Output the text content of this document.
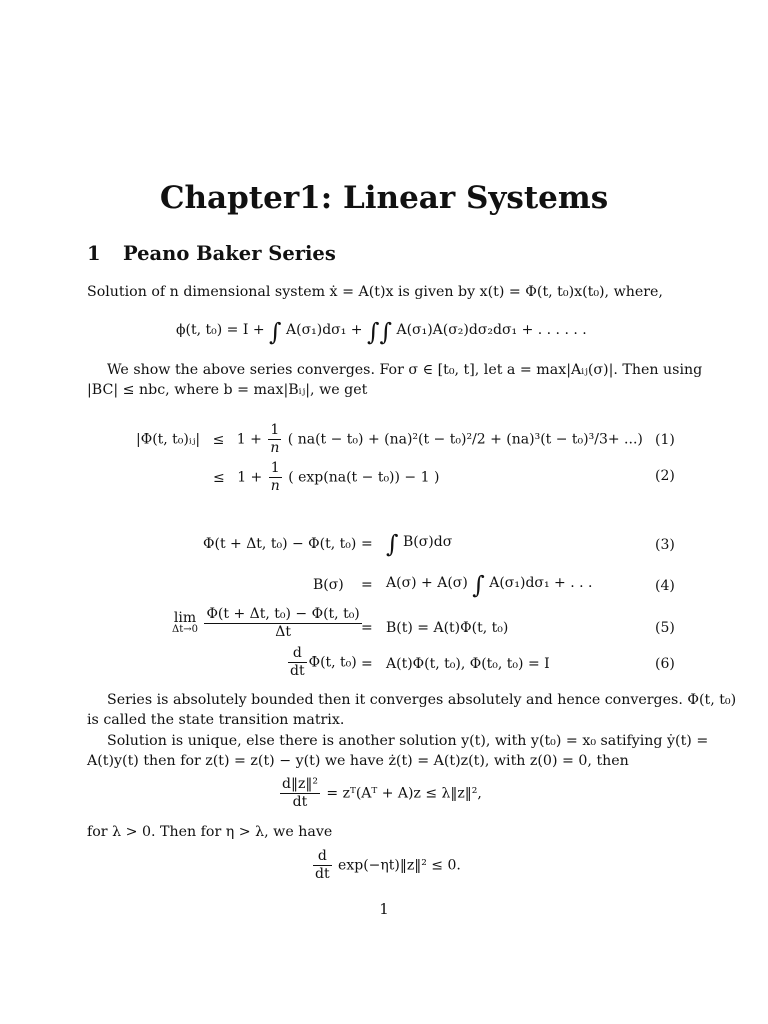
Chapter1: Linear Systems
1 Peano Baker Series
Solution of n dimensional system ẋ = A(t)x is given by x(t) = Φ(t, t₀)x(t₀), where,
ϕ(t, t₀) = I + ∫ A(σ₁)dσ₁ + ∫∫ A(σ₁)A(σ₂)dσ₂dσ₁ + . . . . . .
We show the above series converges. For σ ∈ [t₀, t], let a = max|Aᵢⱼ(σ)|. Then using
|BC| ≤ nbc, where b = max|Bᵢⱼ|, we get
|Φ(t, t₀)ᵢⱼ| ≤ $1 + \frac{1}{n}$ ( na(t − t₀) + (na)²(t − t₀)²/2 + (na)³(t − t₀)³/3+ ...) (1)
≤ $1 + \frac{1}{n}$ ( exp(na(t − t₀)) − 1 )	(2)
Φ(t + Δt, t₀) − Φ(t, t₀) = ∫ B(σ)dσ	(3)
B(σ) = A(σ) + A(σ) ∫ A(σ₁)dσ₁ + . . .	(4)
lim
Δt→0
$\frac{\text{Φ(t + Δt, t₀) − Φ(t, t₀)}}{\Delta t} = B(t) = A(t)\Phi(t$, t₀)	(5)
$\frac{d}{dt} \Phi(t$, t₀) = A(t)Φ(t, t₀), Φ(t₀, t₀) = I	(6)
Series is absolutely bounded then it converges absolutely and hence converges. Φ(t, t₀)
is called the state transition matrix.
Solution is unique, else there is another solution y(t), with y(t₀) = x₀ satifying ẏ(t) =
A(t)y(t) then for z(t) = z(t) − y(t) we have ż(t) = A(t)z(t), with z(0) = 0, then
$\frac{\text{d‖z‖²}}{dt}$ = zᵀ(Aᵀ + A)z ≤ λ‖z‖²,
for λ > 0. Then for η > λ, we have
$\frac{d}{dt}$ exp(−ηt)‖z‖² ≤ 0.
1
